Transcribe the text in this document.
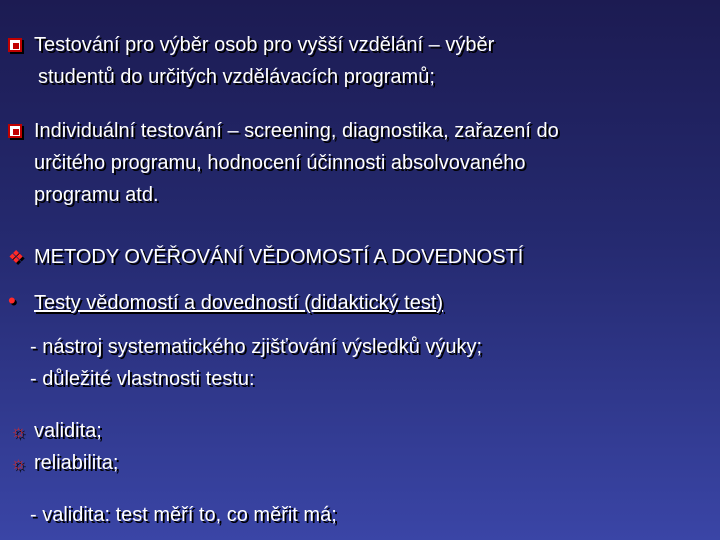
Testování pro výběr osob pro vyšší vzdělání – výběr
studentů do určitých vzdělávacích programů;
Individuální testování – screening, diagnostika, zařazení do
určitého programu, hodnocení účinnosti absolvovaného
programu atd.
❖ METODY OVĚŘOVÁNÍ VĚDOMOSTÍ A DOVEDNOSTÍ
• Testy vědomostí a dovedností (didaktický test)
- nástroj systematického zjišťování výsledků výuky;
- důležité vlastnosti testu:
☼ validita;
☼ reliabilita;
- validita: test měří to, co měřit má;
